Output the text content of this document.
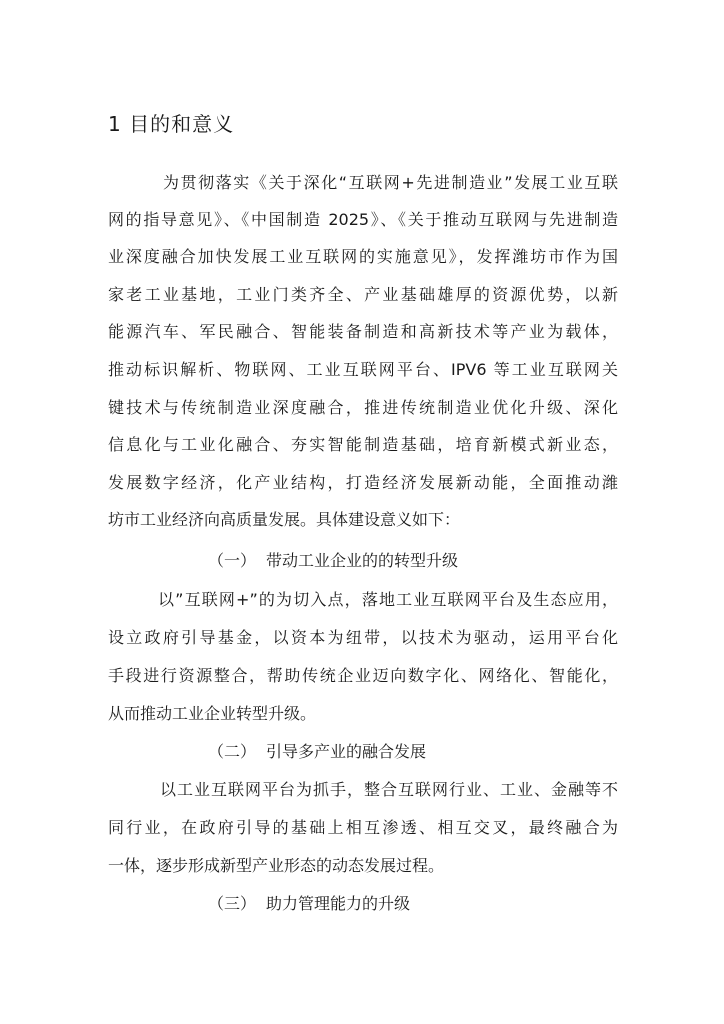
1 目的和意义
为贯彻落实《关于深化“互联网+先进制造业”发展工业互联
网的指导意见》、《中国制造 2025》、《关于推动互联网与先进制造
业深度融合加快发展工业互联网的实施意见》，发挥潍坊市作为国
家老工业基地，工业门类齐全、产业基础雄厚的资源优势，以新
能源汽车、军民融合、智能装备制造和高新技术等产业为载体，
推动标识解析、物联网、工业互联网平台、IPV6 等工业互联网关
键技术与传统制造业深度融合，推进传统制造业优化升级、深化
信息化与工业化融合、夯实智能制造基础，培育新模式新业态，
发展数字经济，化产业结构，打造经济发展新动能，全面推动潍
坊市工业经济向高质量发展。具体建设意义如下：
（一） 带动工业企业的的转型升级
以”互联网+”的为切入点，落地工业互联网平台及生态应用，
设立政府引导基金，以资本为纽带，以技术为驱动，运用平台化
手段进行资源整合，帮助传统企业迈向数字化、网络化、智能化，
从而推动工业企业转型升级。
（二） 引导多产业的融合发展
以工业互联网平台为抓手，整合互联网行业、工业、金融等不
同行业，在政府引导的基础上相互渗透、相互交叉，最终融合为
一体，逐步形成新型产业形态的动态发展过程。
（三） 助力管理能力的升级
